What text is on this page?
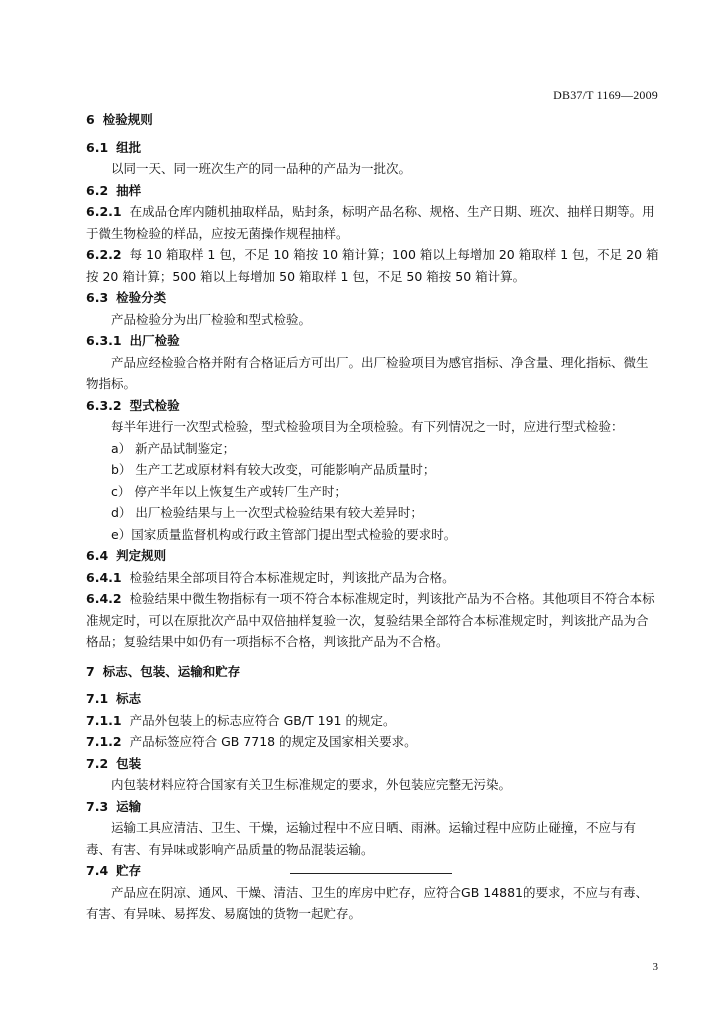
DB37/T 1169—2009
6 检验规则
6.1 组批

以同一天、同一班次生产的同一品种的产品为一批次。

6.2 抽样

6.2.1 在成品仓库内随机抽取样品，贴封条，标明产品名称、规格、生产日期、班次、抽样日期等。用于微生物检验的样品，应按无菌操作规程抽样。

6.2.2 每 10 箱取样 1 包，不足 10 箱按 10 箱计算；100 箱以上每增加 20 箱取样 1 包，不足 20 箱按 20 箱计算；500 箱以上每增加 50 箱取样 1 包，不足 50 箱按 50 箱计算。

6.3 检验分类

产品检验分为出厂检验和型式检验。

6.3.1 出厂检验

产品应经检验合格并附有合格证后方可出厂。出厂检验项目为感官指标、净含量、理化指标、微生物指标。

6.3.2 型式检验

每半年进行一次型式检验，型式检验项目为全项检验。有下列情况之一时，应进行型式检验：

a） 新产品试制鉴定；

b） 生产工艺或原材料有较大改变，可能影响产品质量时；

c） 停产半年以上恢复生产或转厂生产时；

d） 出厂检验结果与上一次型式检验结果有较大差异时；

e）国家质量监督机构或行政主管部门提出型式检验的要求时。

6.4 判定规则

6.4.1 检验结果全部项目符合本标准规定时，判该批产品为合格。

6.4.2 检验结果中微生物指标有一项不符合本标准规定时，判该批产品为不合格。其他项目不符合本标准规定时，可以在原批次产品中双倍抽样复验一次，复验结果全部符合本标准规定时，判该批产品为合格品；复验结果中如仍有一项指标不合格，判该批产品为不合格。

7 标志、包装、运输和贮存
7.1 标志

7.1.1 产品外包装上的标志应符合 GB/T 191 的规定。

7.1.2 产品标签应符合 GB 7718 的规定及国家相关要求。

7.2 包装

内包装材料应符合国家有关卫生标准规定的要求，外包装应完整无污染。

7.3 运输

运输工具应清洁、卫生、干燥，运输过程中不应日晒、雨淋。运输过程中应防止碰撞，不应与有毒、有害、有异味或影响产品质量的物品混装运输。

7.4 贮存

产品应在阴凉、通风、干燥、清洁、卫生的库房中贮存，应符合GB 14881的要求，不应与有毒、有害、有异味、易挥发、易腐蚀的货物一起贮存。

3
